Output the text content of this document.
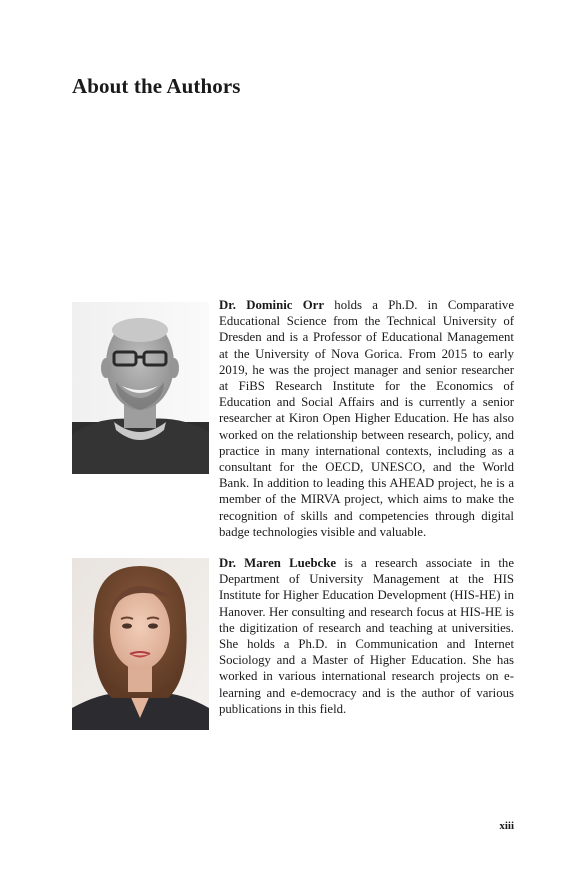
About the Authors

Dr. Dominic Orr holds a Ph.D. in Comparative Educational Science from the Technical University of Dresden and is a Professor of Educational Management at the University of Nova Gorica. From 2015 to early 2019, he was the project manager and senior researcher at FiBS Research Institute for the Economics of Education and Social Affairs and is currently a senior researcher at Kiron Open Higher Education. He has also worked on the relationship between research, policy, and practice in many international contexts, including as a consultant for the OECD, UNESCO, and the World Bank. In addition to leading this AHEAD project, he is a member of the MIRVA project, which aims to make the recognition of skills and competencies through digital badge technologies visible and valuable.

Dr. Maren Luebcke is a research associate in the Department of University Management at the HIS Institute for Higher Education Development (HIS-HE) in Hanover. Her consulting and research focus at HIS-HE is the digitization of research and teaching at universities. She holds a Ph.D. in Communication and Internet Sociology and a Master of Higher Education. She has worked in various international research projects on e-learning and e-democracy and is the author of various publications in this field.

xiii
